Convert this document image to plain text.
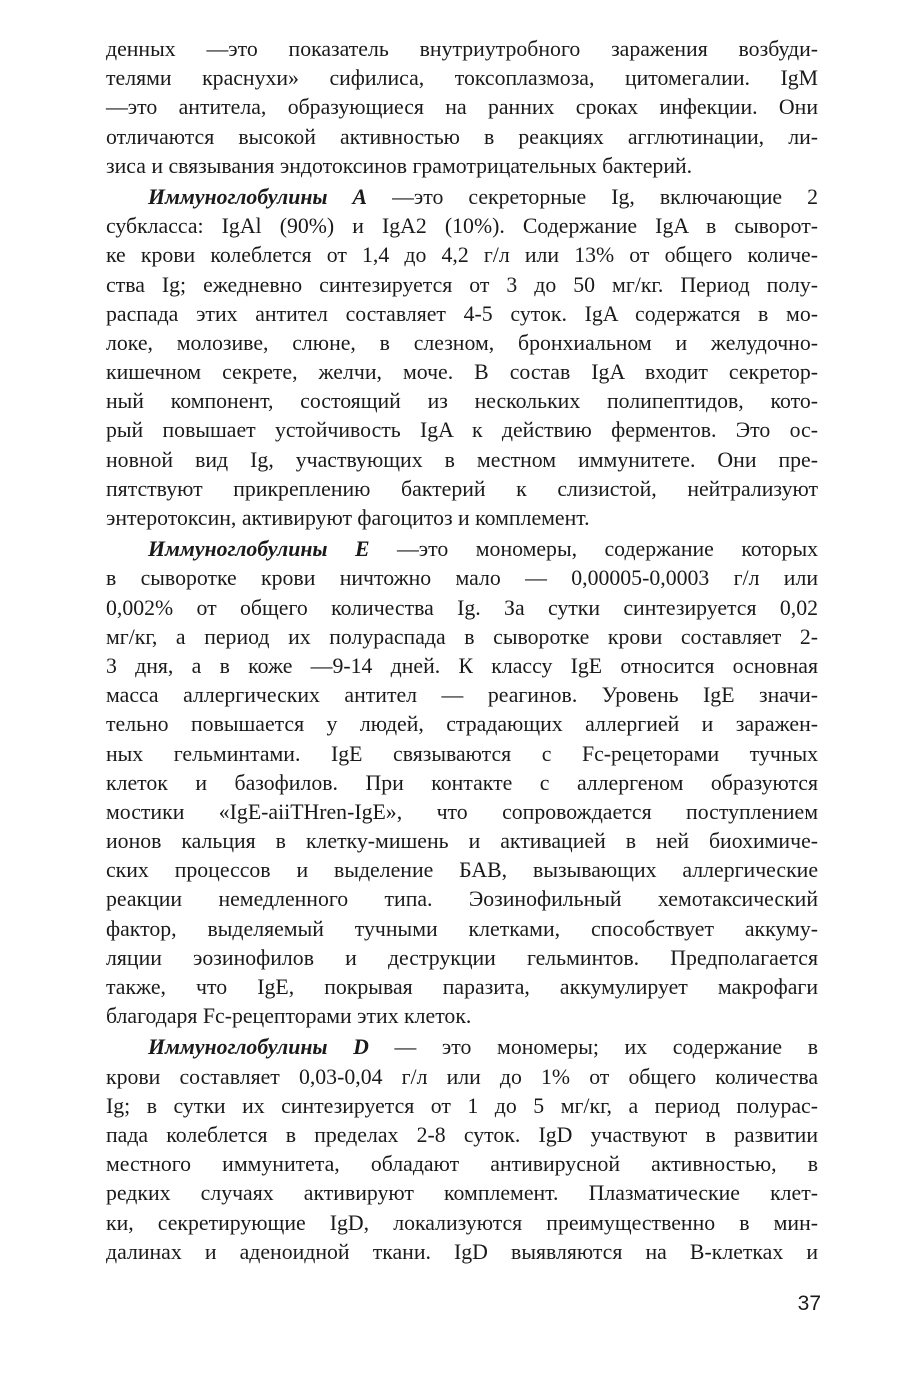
денных —это показатель внутриутробного заражения возбуди-
телями краснухи» сифилиса, токсоплазмоза, цитомегалии. IgM
—это антитела, образующиеся на ранних сроках инфекции. Они
отличаются высокой активностью в реакциях агглютинации, ли-
зиса и связывания эндотоксинов грамотрицательных бактерий.
Иммуноглобулины А —это секреторные Ig, включающие 2
субкласса: IgAl (90%) и IgA2 (10%). Содержание IgA в сыворот-
ке крови колеблется от 1,4 до 4,2 г/л или 13% от общего количе-
ства Ig; ежедневно синтезируется от 3 до 50 мг/кг. Период полу-
распада этих антител составляет 4-5 суток. IgA содержатся в мо-
локе, молозиве, слюне, в слезном, бронхиальном и желудочно-
кишечном секрете, желчи, моче. В состав IgA входит секретор-
ный компонент, состоящий из нескольких полипептидов, кото-
рый повышает устойчивость IgA к действию ферментов. Это ос-
новной вид Ig, участвующих в местном иммунитете. Они пре-
пятствуют прикреплению бактерий к слизистой, нейтрализуют
энтеротоксин, активируют фагоцитоз и комплемент.
Иммуноглобулины Е —это мономеры, содержание которых
в сыворотке крови ничтожно мало — 0,00005-0,0003 г/л или
0,002% от общего количества Ig. За сутки синтезируется 0,02
мг/кг, а период их полураспада в сыворотке крови составляет 2-
3 дня, а в коже —9-14 дней. К классу IgE относится основная
масса аллергических антител — реагинов. Уровень IgE значи-
тельно повышается у людей, страдающих аллергией и заражен-
ных гельминтами. IgE связываются с Fc-рецеторами тучных
клеток и базофилов. При контакте с аллергеном образуются
мостики «IgE-aiiTHren-IgE», что сопровождается поступлением
ионов кальция в клетку-мишень и активацией в ней биохимиче-
ских процессов и выделение БАВ, вызывающих аллергические
реакции немедленного типа. Эозинофильный хемотаксический
фактор, выделяемый тучными клетками, способствует аккуму-
ляции эозинофилов и деструкции гельминтов. Предполагается
также, что IgE, покрывая паразита, аккумулирует макрофаги
благодаря Fc-рецепторами этих клеток.
Иммуноглобулины D — это мономеры; их содержание в
крови составляет 0,03-0,04 г/л или до 1% от общего количества
Ig; в сутки их синтезируется от 1 до 5 мг/кг, а период полурас-
пада колеблется в пределах 2-8 суток. IgD участвуют в развитии
местного иммунитета, обладают антивирусной активностью, в
редких случаях активируют комплемент. Плазматические клет-
ки, секретирующие IgD, локализуются преимущественно в мин-
далинах и аденоидной ткани. IgD выявляются на В-клетках и
37
